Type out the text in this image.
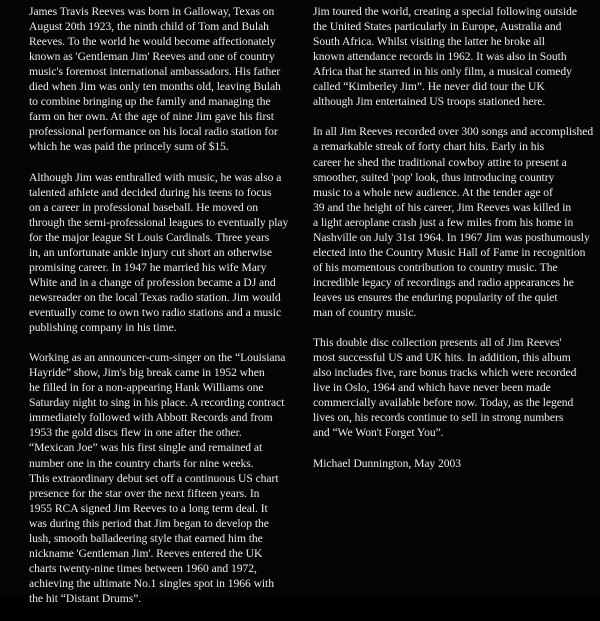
James Travis Reeves was born in Galloway, Texas on
August 20th 1923, the ninth child of Tom and Bulah
Reeves. To the world he would become affectionately
known as 'Gentleman Jim' Reeves and one of country
music's foremost international ambassadors. His father
died when Jim was only ten months old, leaving Bulah
to combine bringing up the family and managing the
farm on her own. At the age of nine Jim gave his first
professional performance on his local radio station for
which he was paid the princely sum of $15.

Although Jim was enthralled with music, he was also a
talented athlete and decided during his teens to focus
on a career in professional baseball. He moved on
through the semi-professional leagues to eventually play
for the major league St Louis Cardinals. Three years
in, an unfortunate ankle injury cut short an otherwise
promising career. In 1947 he married his wife Mary
White and in a change of profession became a DJ and
newsreader on the local Texas radio station. Jim would
eventually come to own two radio stations and a music
publishing company in his time.

Working as an announcer-cum-singer on the “Louisiana
Hayride” show, Jim's big break came in 1952 when
he filled in for a non-appearing Hank Williams one
Saturday night to sing in his place. A recording contract
immediately followed with Abbott Records and from
1953 the gold discs flew in one after the other.
“Mexican Joe” was his first single and remained at
number one in the country charts for nine weeks.
This extraordinary debut set off a continuous US chart
presence for the star over the next fifteen years. In
1955 RCA signed Jim Reeves to a long term deal. It
was during this period that Jim began to develop the
lush, smooth balladeering style that earned him the
nickname 'Gentleman Jim'. Reeves entered the UK
charts twenty-nine times between 1960 and 1972,
achieving the ultimate No.1 singles spot in 1966 with
the hit “Distant Drums”.

Jim toured the world, creating a special following outside
the United States particularly in Europe, Australia and
South Africa. Whilst visiting the latter he broke all
known attendance records in 1962. It was also in South
Africa that he starred in his only film, a musical comedy
called “Kimberley Jim”. He never did tour the UK
although Jim entertained US troops stationed here.

In all Jim Reeves recorded over 300 songs and accomplished
a remarkable streak of forty chart hits. Early in his
career he shed the traditional cowboy attire to present a
smoother, suited 'pop' look, thus introducing country
music to a whole new audience. At the tender age of
39 and the height of his career, Jim Reeves was killed in
a light aeroplane crash just a few miles from his home in
Nashville on July 31st 1964. In 1967 Jim was posthumously
elected into the Country Music Hall of Fame in recognition
of his momentous contribution to country music. The
incredible legacy of recordings and radio appearances he
leaves us ensures the enduring popularity of the quiet
man of country music.

This double disc collection presents all of Jim Reeves'
most successful US and UK hits. In addition, this album
also includes five, rare bonus tracks which were recorded
live in Oslo, 1964 and which have never been made
commercially available before now. Today, as the legend
lives on, his records continue to sell in strong numbers
and “We Won't Forget You”.

Michael Dunnington, May 2003
